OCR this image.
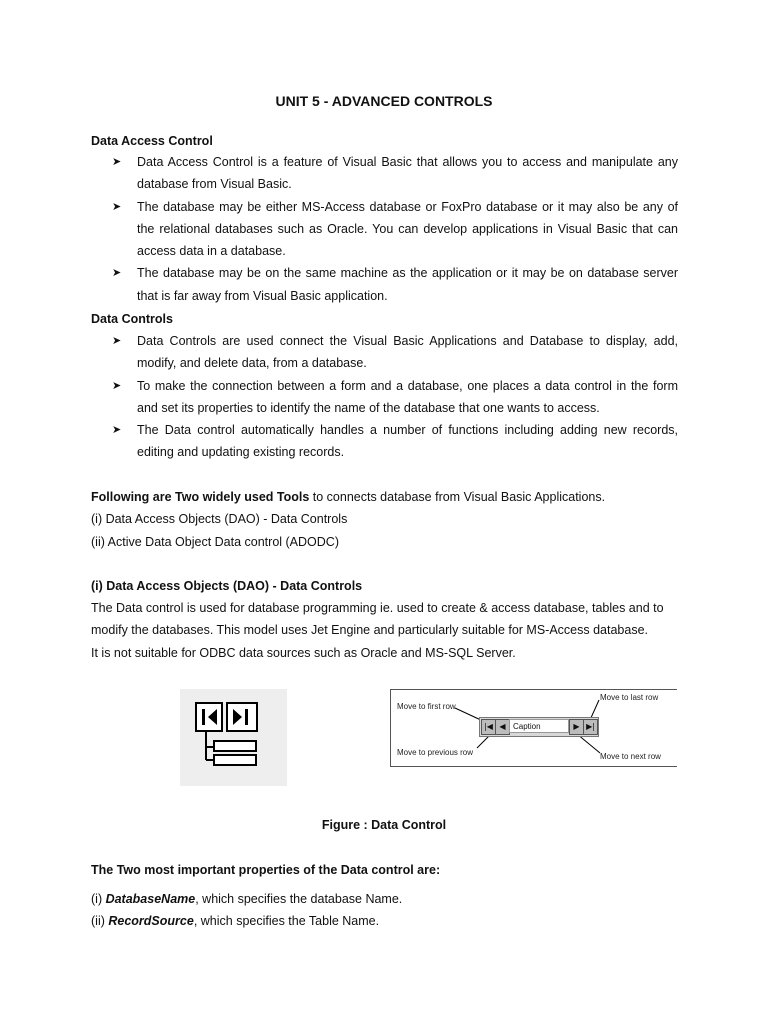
UNIT 5 - ADVANCED CONTROLS
Data Access Control
➤ Data Access Control is a feature of Visual Basic that allows you to access and manipulate any database from Visual Basic.
➤ The database may be either MS-Access database or FoxPro database or it may also be any of the relational databases such as Oracle. You can develop applications in Visual Basic that can access data in a database.
➤ The database may be on the same machine as the application or it may be on database server that is far away from Visual Basic application.
Data Controls
➤ Data Controls are used connect the Visual Basic Applications and Database to display, add, modify, and delete data, from a database.
➤ To make the connection between a form and a database, one places a data control in the form and set its properties to identify the name of the database that one wants to access.
➤ The Data control automatically handles a number of functions including adding new records, editing and updating existing records.
Following are Two widely used Tools to connects database from Visual Basic Applications.
(i) Data Access Objects (DAO) - Data Controls
(ii) Active Data Object Data control (ADODC)
(i) Data Access Objects (DAO) - Data Controls
The Data control is used for database programming ie. used to create & access database, tables and to modify the databases. This model uses Jet Engine and particularly suitable for MS-Access database.
It is not suitable for ODBC data sources such as Oracle and MS-SQL Server.
Move to first row
Move to last row
Move to previous row	Move to next row
|◀ ◀ Caption	▶ ▶|
Figure : Data Control
The Two most important properties of the Data control are:
(i) DatabaseName, which specifies the database Name.
(ii) RecordSource, which specifies the Table Name.
